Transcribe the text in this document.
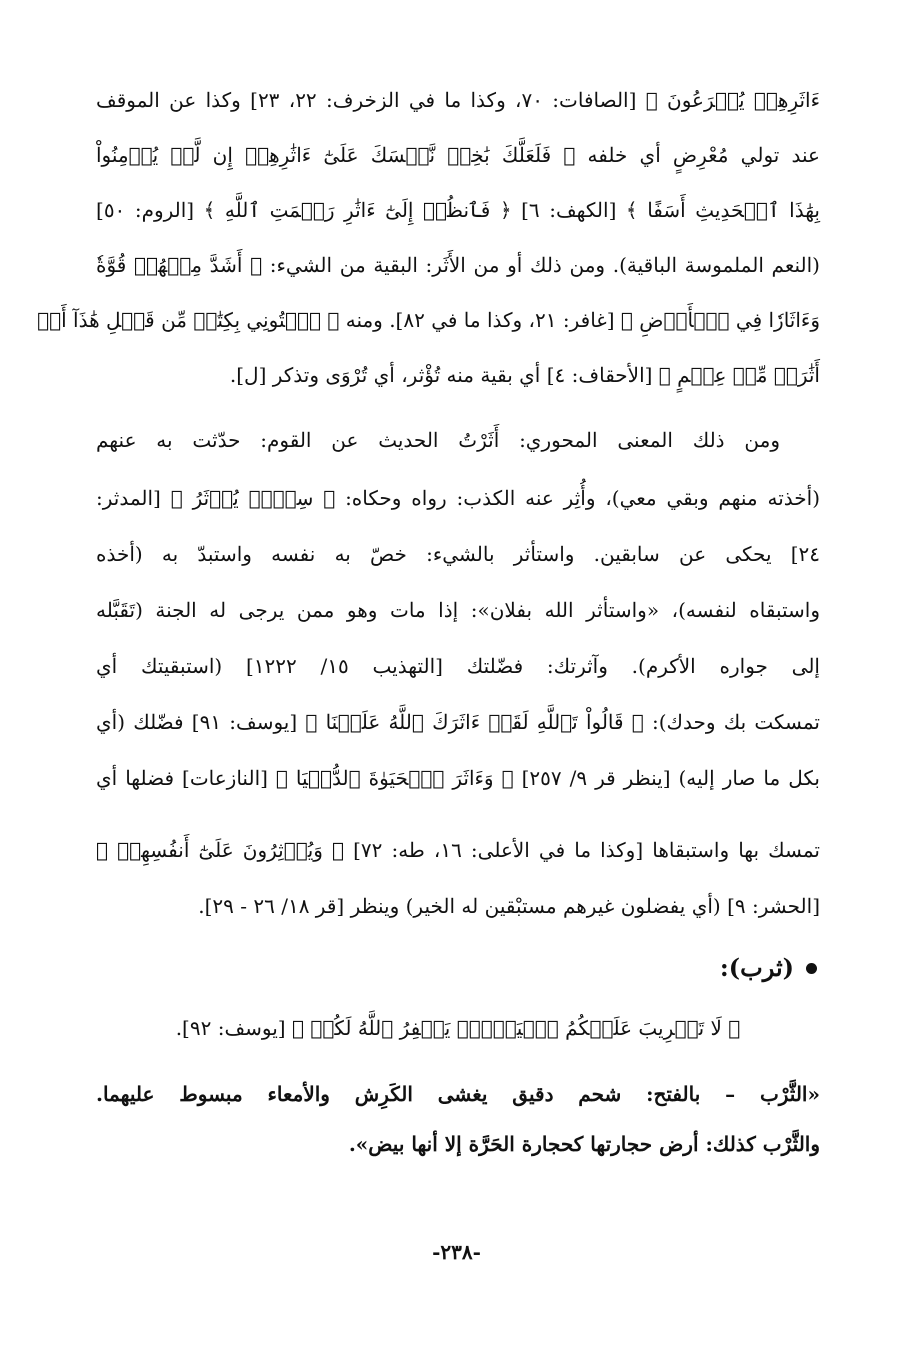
ءَاثَرِهِمۡ يُهۡرَعُونَ ﴾ [الصافات: ٧٠، وكذا ما في الزخرف: ٢٢، ٢٣] وكذا عن الموقف
عند تولي مُعْرِضٍ أي خلفه ﴿ فَلَعَلَّكَ بَٰخِعٞ نَّفۡسَكَ عَلَىٰٓ ءَاثَٰرِهِمۡ إِن لَّمۡ يُؤۡمِنُواْ
بِهَٰذَا ٱلۡحَدِيثِ أَسَفًا ﴾ [الكهف: ٦] ﴿ فَٱنظُرۡ إِلَىٰٓ ءَاثَٰرِ رَحۡمَتِ ٱللَّهِ ﴾ [الروم: ٥٠]
(النعم الملموسة الباقية). ومن ذلك أو من الأَثَر: البقية من الشيء: ﴿ أَشَدَّ مِنۡهُمۡ قُوَّةٗ
وَءَاثَارٗا فِي ٱلۡأَرۡضِ ﴾ [غافر: ٢١، وكذا ما في ٨٢]. ومنه ﴿ ٱئۡتُونِي بِكِتَٰبٖ مِّن قَبۡلِ هَٰذَآ أَوۡ
أَثَٰرَةٖ مِّنۡ عِلۡمٍ ﴾ [الأحقاف: ٤] أي بقية منه تُؤْثر، أي تُرْوَى وتذكر [ل].
ومن ذلك المعنى المحوري: أَثَرْتُ الحديث عن القوم: حدّثت به عنهم
(أخذته منهم وبقي معي)، وأُثِر عنه الكذب: رواه وحكاه: ﴿ سِحۡرٞ يُؤۡثَرُ ﴾ [المدثر:
٢٤] يحكى عن سابقين. واستأثر بالشيء: خصّ به نفسه واستبدّ به (أخذه
واستبقاه لنفسه)، «واستأثر الله بفلان»: إذا مات وهو ممن يرجى له الجنة (تَقَبَّله
إلى جواره الأكرم). وآثرتك: فضّلتك [التهذيب ١٥/ ١٢٢٢] (استبقيتك أي
تمسكت بك وحدك): ﴿ قَالُواْ تَٱللَّهِ لَقَدۡ ءَاثَرَكَ ٱللَّهُ عَلَيۡنَا ﴾ [يوسف: ٩١] فضّلك (أي
بكل ما صار إليه) [ينظر قر ٩/ ٢٥٧] ﴿ وَءَاثَرَ ٱلۡحَيَوٰةَ ٱلدُّنۡيَا ﴾ [النازعات] فضلها أي
تمسك بها واستبقاها [وكذا ما في الأعلى: ١٦، طه: ٧٢] ﴿ وَيُؤۡثِرُونَ عَلَىٰٓ أَنفُسِهِمۡ ﴾
[الحشر: ٩] (أي يفضلون غيرهم مستبْقين له الخير) وينظر [قر ١٨/ ٢٦ - ٢٩].
(ثرب):
﴿ لَا تَثۡرِيبَ عَلَيۡكُمُ ٱلۡيَوۡمَۖ يَغۡفِرُ ٱللَّهُ لَكُمۡ ﴾ [يوسف: ٩٢].
«الثَّرْب – بالفتح: شحم دقيق يغشى الكَرِش والأمعاء مبسوط عليهما.
والثَّرْب كذلك: أرض حجارتها كحجارة الحَرَّة إلا أنها بيض».
-٢٣٨-
